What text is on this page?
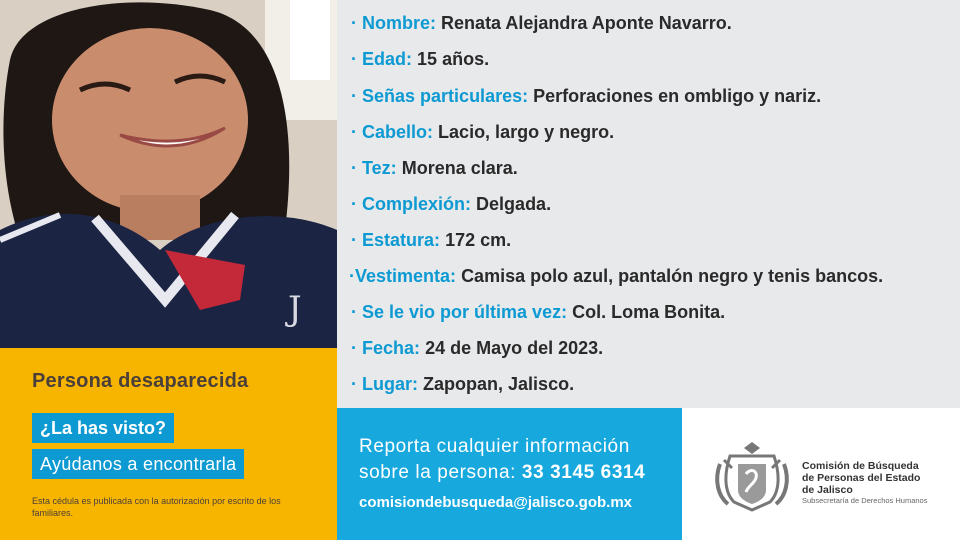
J

Persona desaparecida

¿La has visto?
Ayúdanos a encontrarla

Esta cédula es publicada con la autorización por escrito de los familiares.

· Nombre: Renata Alejandra Aponte Navarro.
· Edad: 15 años.
· Señas particulares: Perforaciones en ombligo y nariz.
· Cabello: Lacio, largo y negro.
· Tez: Morena clara.
· Complexión: Delgada.
· Estatura: 172 cm.
·Vestimenta: Camisa polo azul, pantalón negro y tenis bancos.
· Se le vio por última vez: Col. Loma Bonita.
· Fecha: 24 de Mayo del 2023.
· Lugar: Zapopan, Jalisco.
Reporta cualquier información
sobre la persona: 33 3145 6314
comisiondebusqueda@jalisco.gob.mx
Comisión de Búsqueda
de Personas del Estado
de Jalisco
Subsecretaría de Derechos Humanos
